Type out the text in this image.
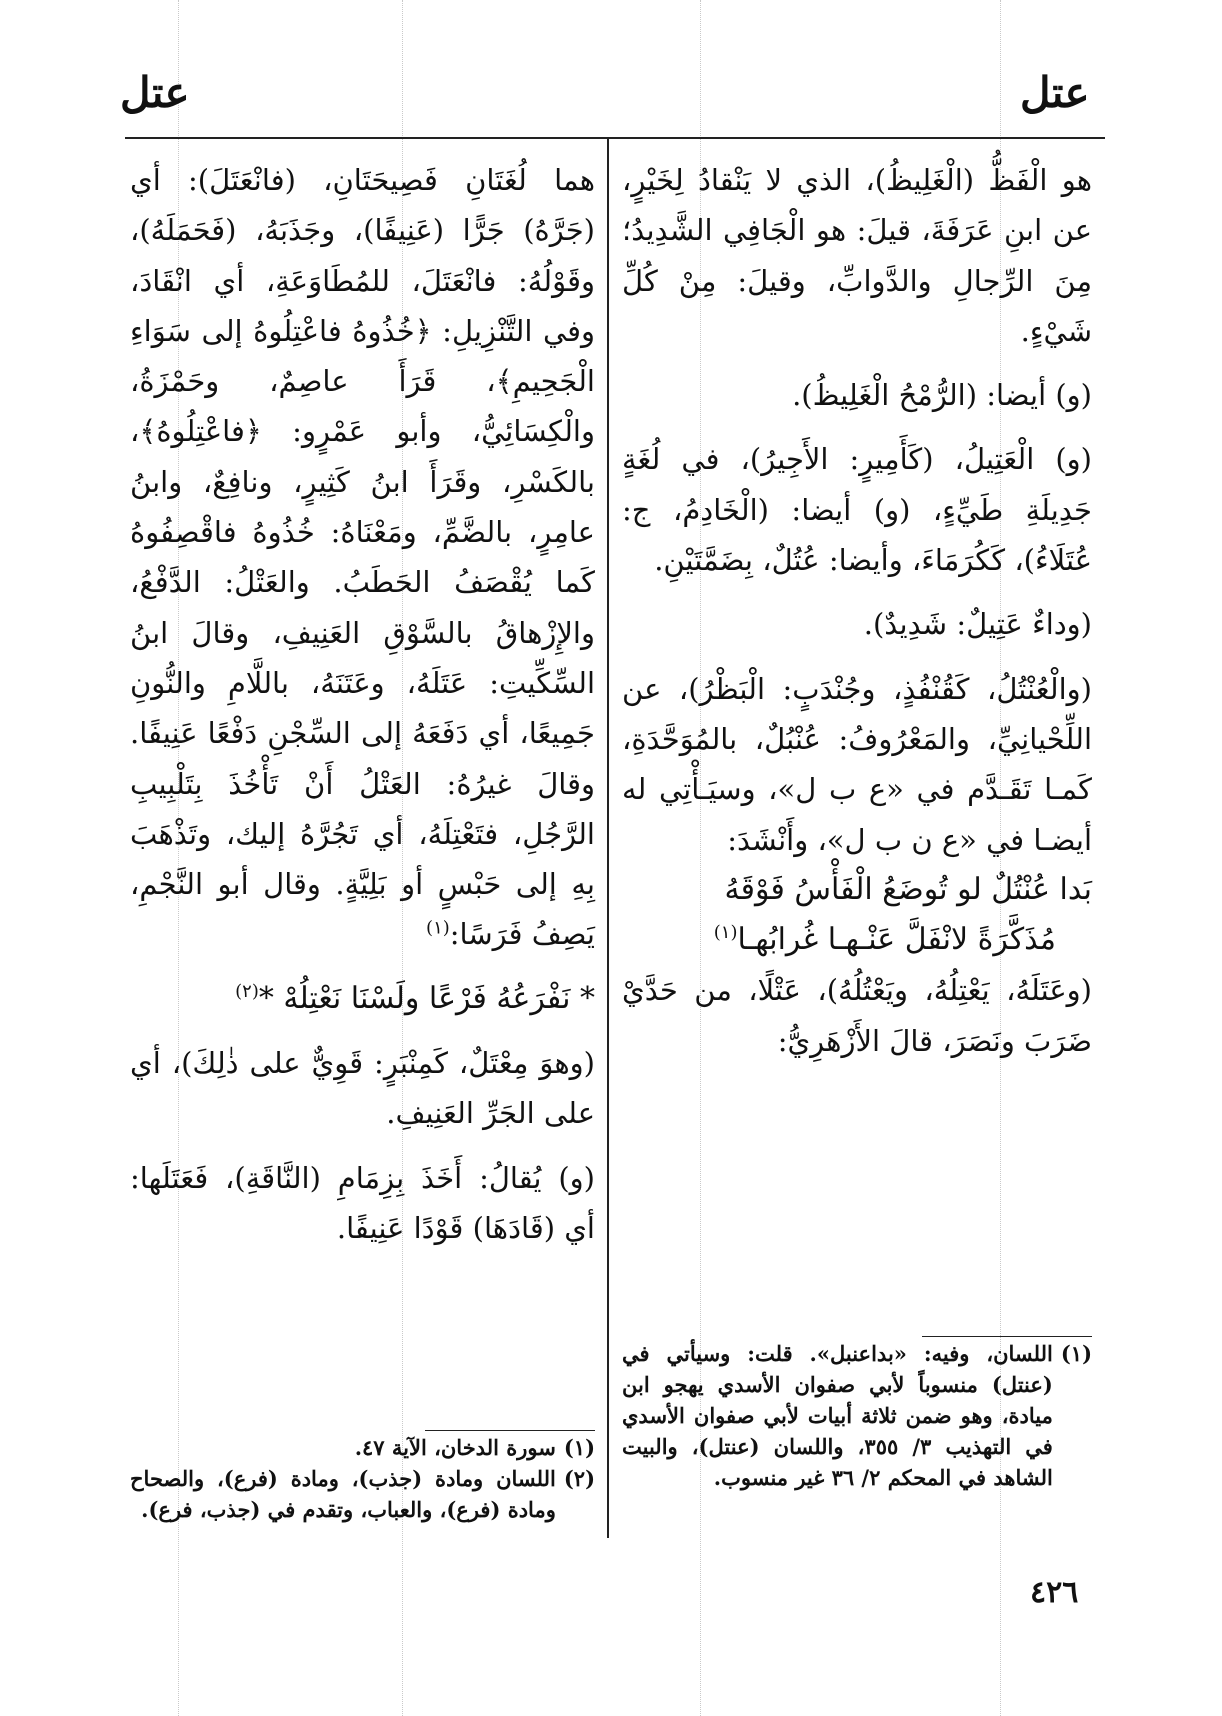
عتل
عتل

هو الْفَظُّ (الْغَلِيظُ)، الذي لا يَنْقادُ لِخَيْرٍ، عن ابنِ عَرَفَةَ، قيلَ: هو الْجَافِي الشَّدِيدُ؛ مِنَ الرِّجالِ والدَّوابِّ، وقيلَ: مِنْ كُلِّ شَيْءٍ.

(و) أيضا: (الرُّمْحُ الْغَلِيظُ).

(و) الْعَتِيلُ، (كَأَمِيرٍ: الأَجِيرُ)، في لُغَةٍ جَدِيلَةِ طَيِّءٍ، (و) أيضا: (الْخَادِمُ، ج: عُتَلَاءُ)، كَكُرَمَاءَ، وأيضا: عُتُلٌ، بِضَمَّتَيْنِ.

(وداءٌ عَتِيلٌ: شَدِيدٌ).

(والْعُنْتُلُ، كَقُنْفُذٍ، وجُنْدَبٍ: الْبَظْرُ)، عن اللِّحْيانِيِّ، والمَعْرُوفُ: عُنْبُلٌ، بالمُوَحَّدَةِ، كَمـا تَقَـدَّم في «ع ب ل»، وسيَـأْتِي له أيضـا في «ع ن ب ل»، وأَنْشَدَ:

بَدا عُنْتُلٌ لو تُوضَعُ الْفَأْسُ فَوْقَهُ
مُذَكَّرَةً لانْفَلَّ عَنْـهـا غُرابُهـا$^{(١)}$

(وعَتَلَهُ، يَعْتِلُهُ، ويَعْتُلُهُ)، عَتْلًا، من حَدَّيْ ضَرَبَ ونَصَرَ، قالَ الأَزْهَرِيُّ:

(١)
اللسان، وفيه: «بداعنبل». قلت: وسيأتي في (عنتل) منسوباً لأبي صفوان الأسدي يهجو ابن ميادة، وهو ضمن ثلاثة أبيات لأبي صفوان الأسدي في التهذيب ٣/ ٣٥٥، واللسان (عنتل)، والبيت الشاهد في المحكم ٢/ ٣٦ غير منسوب.

هما لُغَتَانِ فَصِيحَتَانِ، (فانْعَتَلَ): أي (جَرَّهُ) جَرًّا (عَنِيفًا)، وجَذَبَهُ، (فَحَمَلَهُ)، وقَوْلُهُ: فانْعَتَلَ، للمُطَاوَعَةِ، أي انْقَادَ، وفي التَّنْزِيلِ: ﴿خُذُوهُ فاعْتِلُوهُ إلى سَوَاءِ الْجَحِيمِ﴾، قَرَأَ عاصِمٌ، وحَمْزَةُ، والْكِسَائِيُّ، وأبو عَمْرٍو: ﴿فاعْتِلُوهُ﴾، بالكَسْرِ، وقَرَأَ ابنُ كَثِيرٍ، ونافِعٌ، وابنُ عامِرٍ، بالضَّمِّ، ومَعْنَاهُ: خُذُوهُ فاقْصِفُوهُ كَما يُقْصَفُ الحَطَبُ. والعَتْلُ: الدَّفْعُ، والإِزْهاقُ بالسَّوْقِ العَنِيفِ، وقالَ ابنُ السِّكِّيتِ: عَتَلَهُ، وعَتَنَهُ، باللَّامِ والنُّونِ جَمِيعًا، أي دَفَعَهُ إلى السِّجْنِ دَفْعًا عَنِيفًا. وقالَ غيرُهُ: العَتْلُ أَنْ تَأْخُذَ بِتَلْبِيبِ الرَّجُلِ، فتَعْتِلَهُ، أي تَجُرَّهُ إليك، وتَذْهَبَ بِهِ إلى حَبْسٍ أو بَلِيَّةٍ. وقال أبو النَّجْمِ، يَصِفُ فَرَسًا:$^{(١)}$

* نَفْرَعُهُ فَرْعًا ولَسْنَا نَعْتِلُهْ *$^{(٢)}$

(وهوَ مِعْتَلٌ، كَمِنْبَرٍ: قَوِيٌّ على ذٰلِكَ)، أي على الجَرِّ العَنِيفِ.

(و) يُقالُ: أَخَذَ بِزِمَامِ (النَّاقَةِ)، فَعَتَلَها: أي (قَادَهَا) قَوْدًا عَنِيفًا.

(١)
سورة الدخان، الآية ٤٧.
(٢)
اللسان ومادة (جذب)، ومادة (فرع)، والصحاح ومادة (فرع)، والعباب، وتقدم في (جذب، فرع).
٤٢٦
